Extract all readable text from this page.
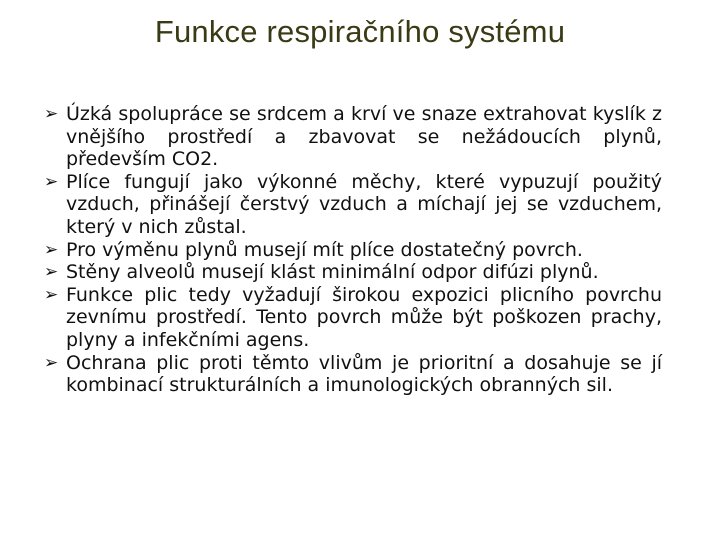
Funkce respiračního systému
➢ Úzká spolupráce se srdcem a krví ve snaze extrahovat kyslík z vnějšího prostředí a zbavovat se nežádoucích plynů, především CO2.
➢ Plíce fungují jako výkonné měchy, které vypuzují použitý vzduch, přinášejí čerstvý vzduch a míchají jej se vzduchem, který v nich zůstal.
➢ Pro výměnu plynů musejí mít plíce dostatečný povrch.
➢ Stěny alveolů musejí klást minimální odpor difúzi plynů.
➢ Funkce plic tedy vyžadují širokou expozici plicního povrchu zevnímu prostředí. Tento povrch může být poškozen prachy, plyny a infekčními agens.
➢ Ochrana plic proti těmto vlivům je prioritní a dosahuje se jí kombinací strukturálních a imunologických obranných sil.
